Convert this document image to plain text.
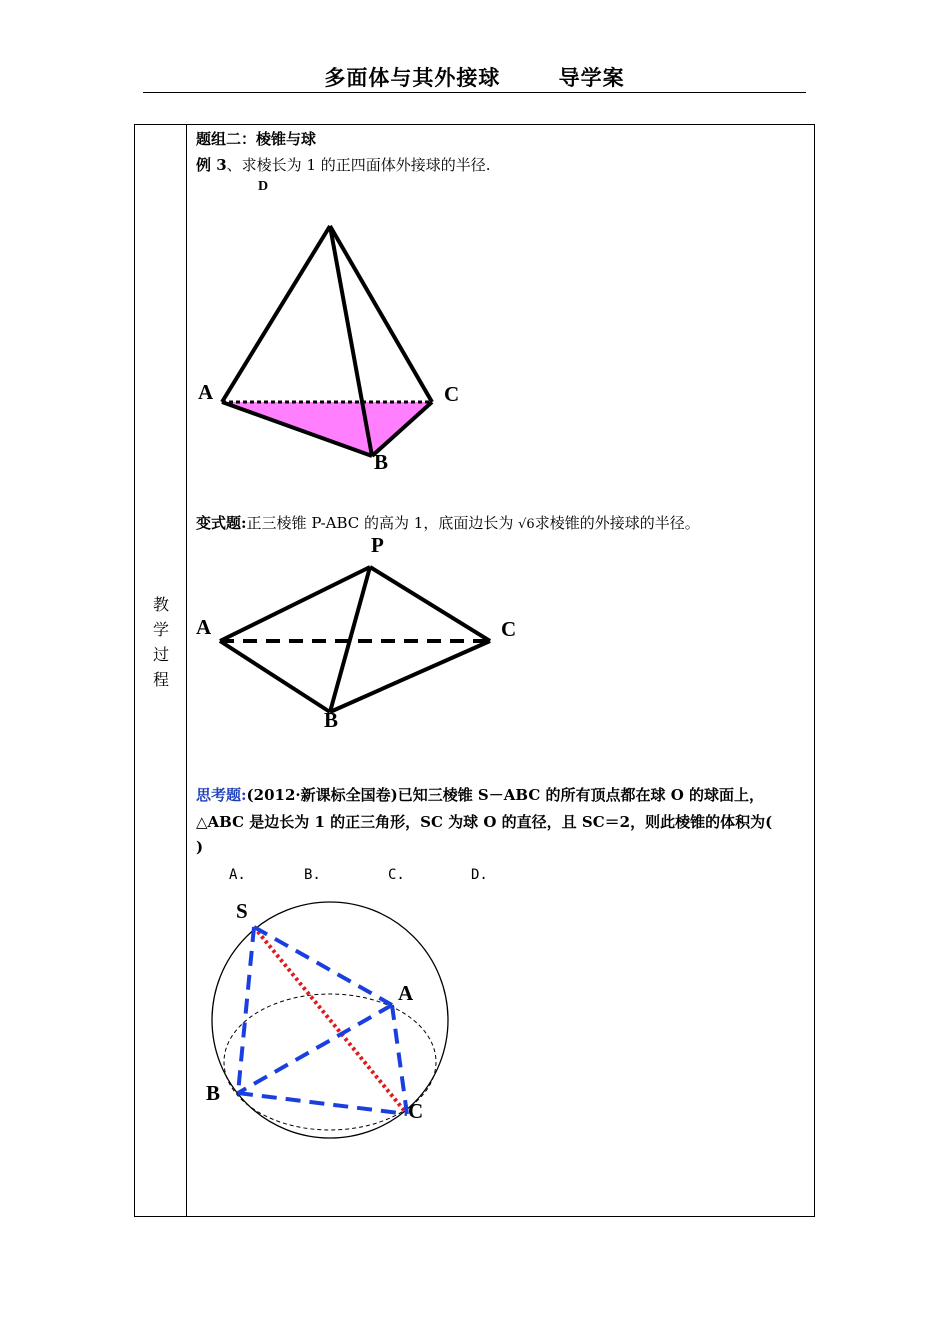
多面体与其外接球	导学案
教
学
过
程
题组二：棱锥与球
例 3、求棱长为 1 的正四面体外接球的半径.
D
A	C
B
变式题:正三棱锥 P-ABC 的高为 1，底面边长为 √6求棱锥的外接球的半径。
P
A	C
B
思考题:(2012·新课标全国卷)已知三棱锥 S－ABC 的所有顶点都在球 O 的球面上，
△ABC 是边长为 1 的正三角形，SC 为球 O 的直径，且 SC＝2，则此棱锥的体积为(
)
A.	B.	C.	D.
S
A
B
C
